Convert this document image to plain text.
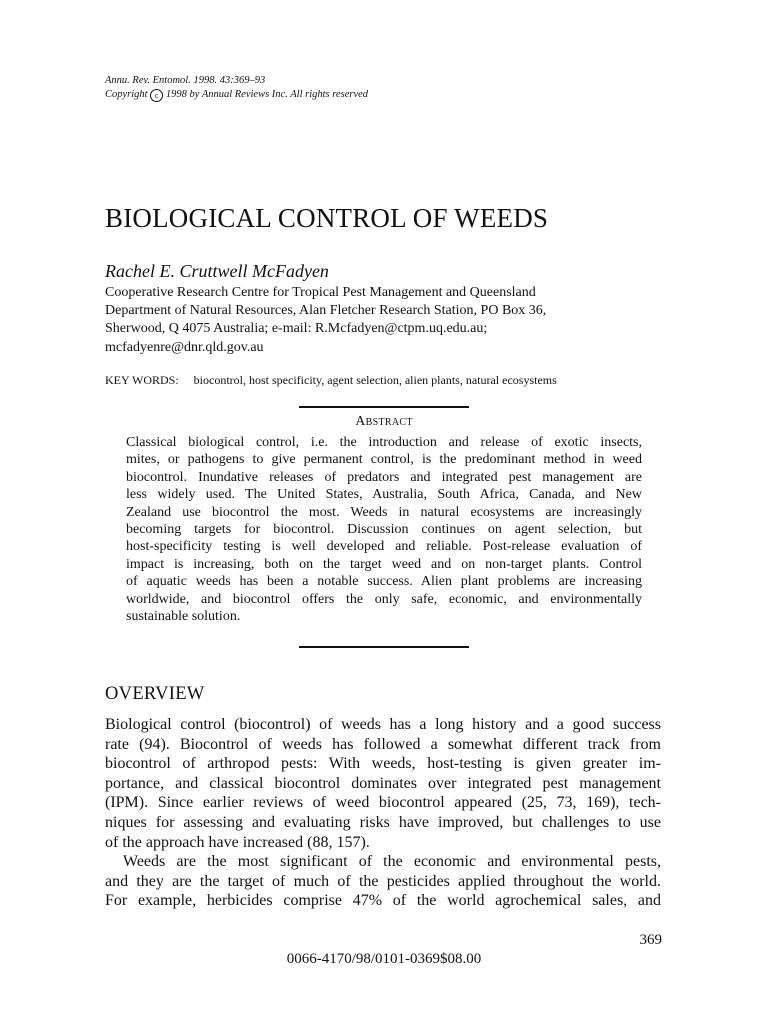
Annu. Rev. Entomol. 1998. 43:369–93
Copyright c 1998 by Annual Reviews Inc. All rights reserved
BIOLOGICAL CONTROL OF WEEDS
Rachel E. Cruttwell McFadyen
Cooperative Research Centre for Tropical Pest Management and Queensland
Department of Natural Resources, Alan Fletcher Research Station, PO Box 36,
Sherwood, Q 4075 Australia; e-mail: R.Mcfadyen@ctpm.uq.edu.au;
mcfadyenre@dnr.qld.gov.au
KEY WORDS: biocontrol, host specificity, agent selection, alien plants, natural ecosystems
Abstract
Classical biological control, i.e. the introduction and release of exotic insects,
mites, or pathogens to give permanent control, is the predominant method in weed
biocontrol. Inundative releases of predators and integrated pest management are
less widely used. The United States, Australia, South Africa, Canada, and New
Zealand use biocontrol the most. Weeds in natural ecosystems are increasingly
becoming targets for biocontrol. Discussion continues on agent selection, but
host-specificity testing is well developed and reliable. Post-release evaluation of
impact is increasing, both on the target weed and on non-target plants. Control
of aquatic weeds has been a notable success. Alien plant problems are increasing
worldwide, and biocontrol offers the only safe, economic, and environmentally
sustainable solution.
OVERVIEW
Biological control (biocontrol) of weeds has a long history and a good success
rate (94). Biocontrol of weeds has followed a somewhat different track from
biocontrol of arthropod pests: With weeds, host-testing is given greater im-
portance, and classical biocontrol dominates over integrated pest management
(IPM). Since earlier reviews of weed biocontrol appeared (25, 73, 169), tech-
niques for assessing and evaluating risks have improved, but challenges to use
of the approach have increased (88, 157).
Weeds are the most significant of the economic and environmental pests,
and they are the target of much of the pesticides applied throughout the world.
For example, herbicides comprise 47% of the world agrochemical sales, and
369
0066-4170/98/0101-0369$08.00
